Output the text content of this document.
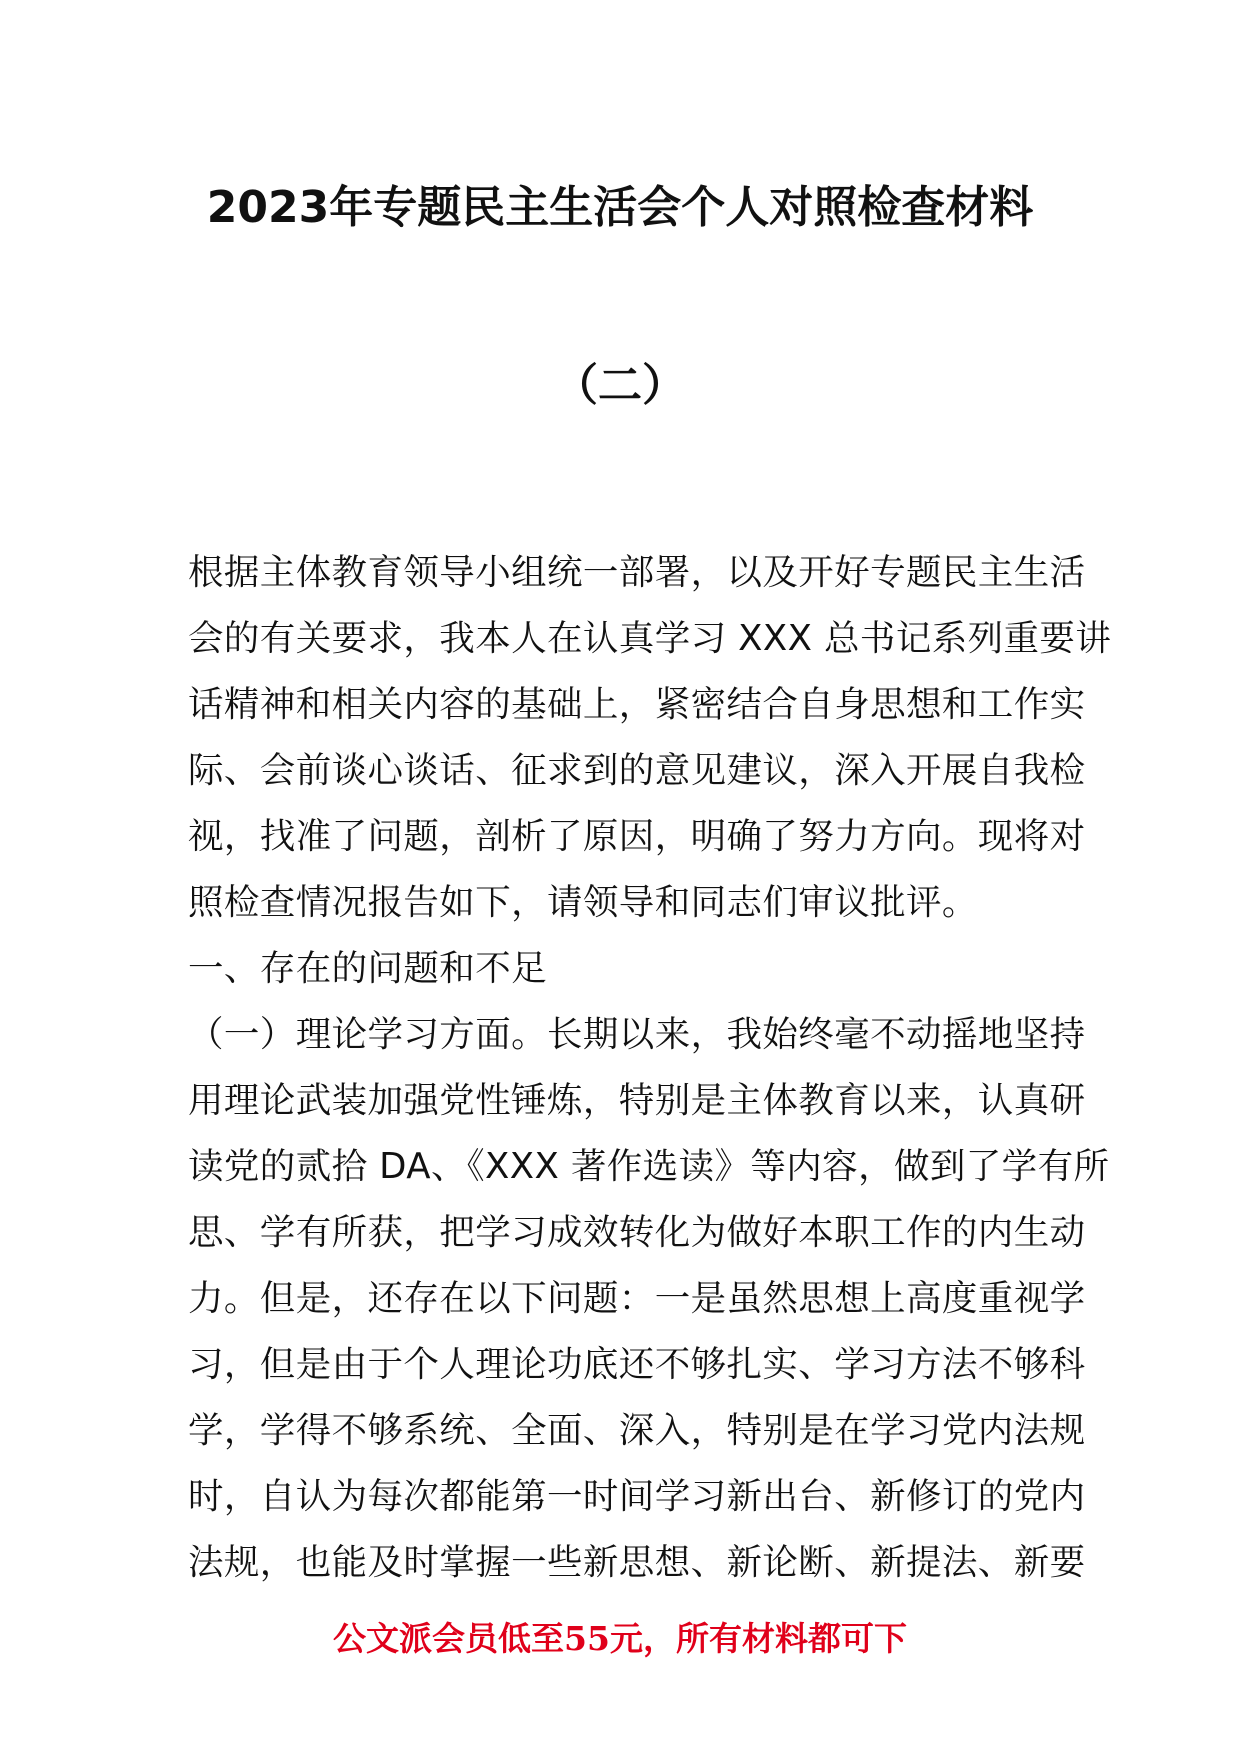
2023年专题民主生活会个人对照检查材料
（二）
根据主体教育领导小组统一部署，以及开好专题民主生活
会的有关要求，我本人在认真学习 XXX 总书记系列重要讲
话精神和相关内容的基础上，紧密结合自身思想和工作实
际、会前谈心谈话、征求到的意见建议，深入开展自我检
视，找准了问题，剖析了原因，明确了努力方向。现将对
照检查情况报告如下，请领导和同志们审议批评。
一、存在的问题和不足
（一）理论学习方面。长期以来，我始终毫不动摇地坚持
用理论武装加强党性锤炼，特别是主体教育以来，认真研
读党的贰拾 DA、《XXX 著作选读》等内容，做到了学有所
思、学有所获，把学习成效转化为做好本职工作的内生动
力。但是，还存在以下问题：一是虽然思想上高度重视学
习，但是由于个人理论功底还不够扎实、学习方法不够科
学，学得不够系统、全面、深入，特别是在学习党内法规
时，自认为每次都能第一时间学习新出台、新修订的党内
法规，也能及时掌握一些新思想、新论断、新提法、新要
公文派会员低至55元，所有材料都可下
